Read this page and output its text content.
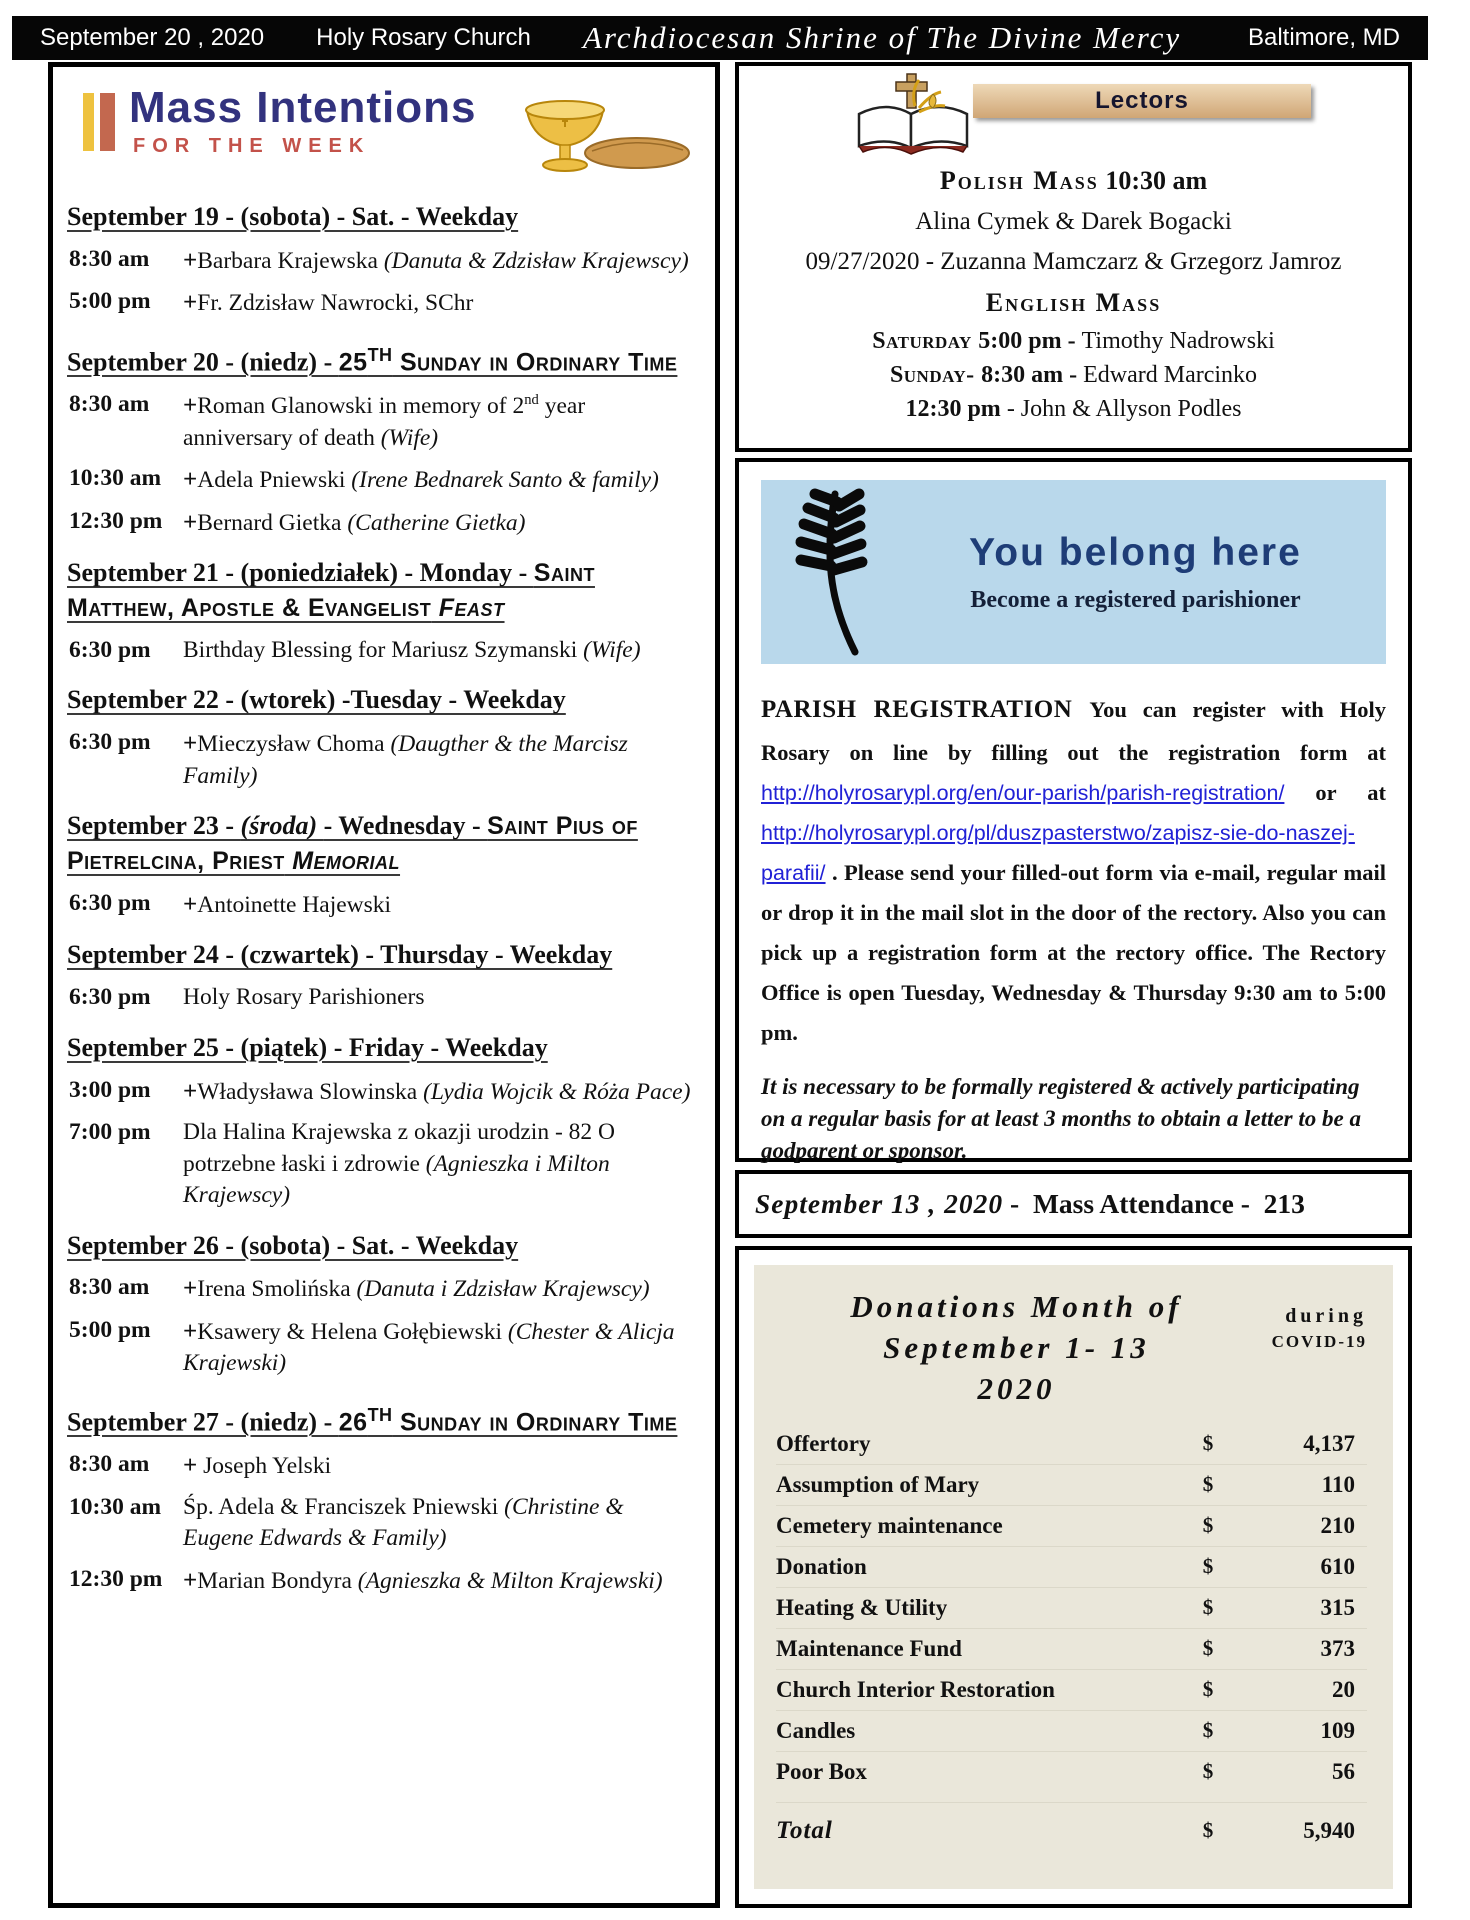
September 20 , 2020 Holy Rosary Church Archdiocesan Shrine of The Divine Mercy	Baltimore, MD
Mass Intentions
FOR THE WEEK
September 19 - (sobota) - Sat. - Weekday
8:30 am	+Barbara Krajewska (Danuta & Zdzisław Krajewscy)
5:00 pm	+Fr. Zdzisław Nawrocki, SChr
September 20 - (niedz) - 25th Sunday in Ordinary Time
8:30 am	+Roman Glanowski in memory of 2nd year anniversary of death (Wife)
10:30 am +Adela Pniewski (Irene Bednarek Santo & family)
12:30 pm +Bernard Gietka (Catherine Gietka)
September 21 - (poniedziałek) - Monday - Saint Matthew, Apostle & Evangelist Feast
6:30 pm	Birthday Blessing for Mariusz Szymanski (Wife)
September 22 - (wtorek) -Tuesday - Weekday
6:30 pm	+Mieczysław Choma (Daugther & the Marcisz Family)
September 23 - (środa) - Wednesday - Saint Pius of Pietrelcina, Priest Memorial
6:30 pm	+Antoinette Hajewski
September 24 - (czwartek) - Thursday - Weekday
6:30 pm	Holy Rosary Parishioners
September 25 - (piątek) - Friday - Weekday
3:00 pm	+Władysława Slowinska (Lydia Wojcik & Róża Pace)
7:00 pm	Dla Halina Krajewska z okazji urodzin - 82 O potrzebne łaski i zdrowie (Agnieszka i Milton Krajewscy)
September 26 - (sobota) - Sat. - Weekday
8:30 am	+Irena Smolińska (Danuta i Zdzisław Krajewscy)
5:00 pm	+Ksawery & Helena Gołębiewski (Chester & Alicja Krajewski)
September 27 - (niedz) - 26th Sunday in Ordinary Time
8:30 am	+ Joseph Yelski
10:30 am Śp. Adela & Franciszek Pniewski (Christine & Eugene Edwards & Family)
12:30 pm +Marian Bondyra (Agnieszka & Milton Krajewski)
Lectors
Polish Mass 10:30 am
Alina Cymek & Darek Bogacki
09/27/2020 - Zuzanna Mamczarz & Grzegorz Jamroz
English Mass
Saturday 5:00 pm - Timothy Nadrowski
Sunday- 8:30 am - Edward Marcinko
12:30 pm - John & Allyson Podles
You belong here
Become a registered parishioner

PARISH REGISTRATION You can register with Holy Rosary on line by filling out the registration form at http://holyrosarypl.org/en/our-parish/parish-registration/ or at http://holyrosarypl.org/pl/duszpasterstwo/zapisz-sie-do-naszej-parafii/ . Please send your filled-out form via e-mail, regular mail or drop it in the mail slot in the door of the rectory. Also you can pick up a registration form at the rectory office. The Rectory Office is open Tuesday, Wednesday & Thursday 9:30 am to 5:00 pm.

It is necessary to be formally registered & actively participating on a regular basis for at least 3 months to obtain a letter to be a godparent or sponsor.

September 13 , 2020 -  Mass Attendance -  213
Donations Month of
September 1- 13
2020
during
COVID-19
Offertory	$	4,137
Assumption of Mary	$	110
Cemetery maintenance	$	210
Donation	$	610
Heating & Utility	$	315
Maintenance Fund	$	373
Church Interior Restoration	$	20
Candles	$	109
Poor Box	$	56
Total	$	5,940
